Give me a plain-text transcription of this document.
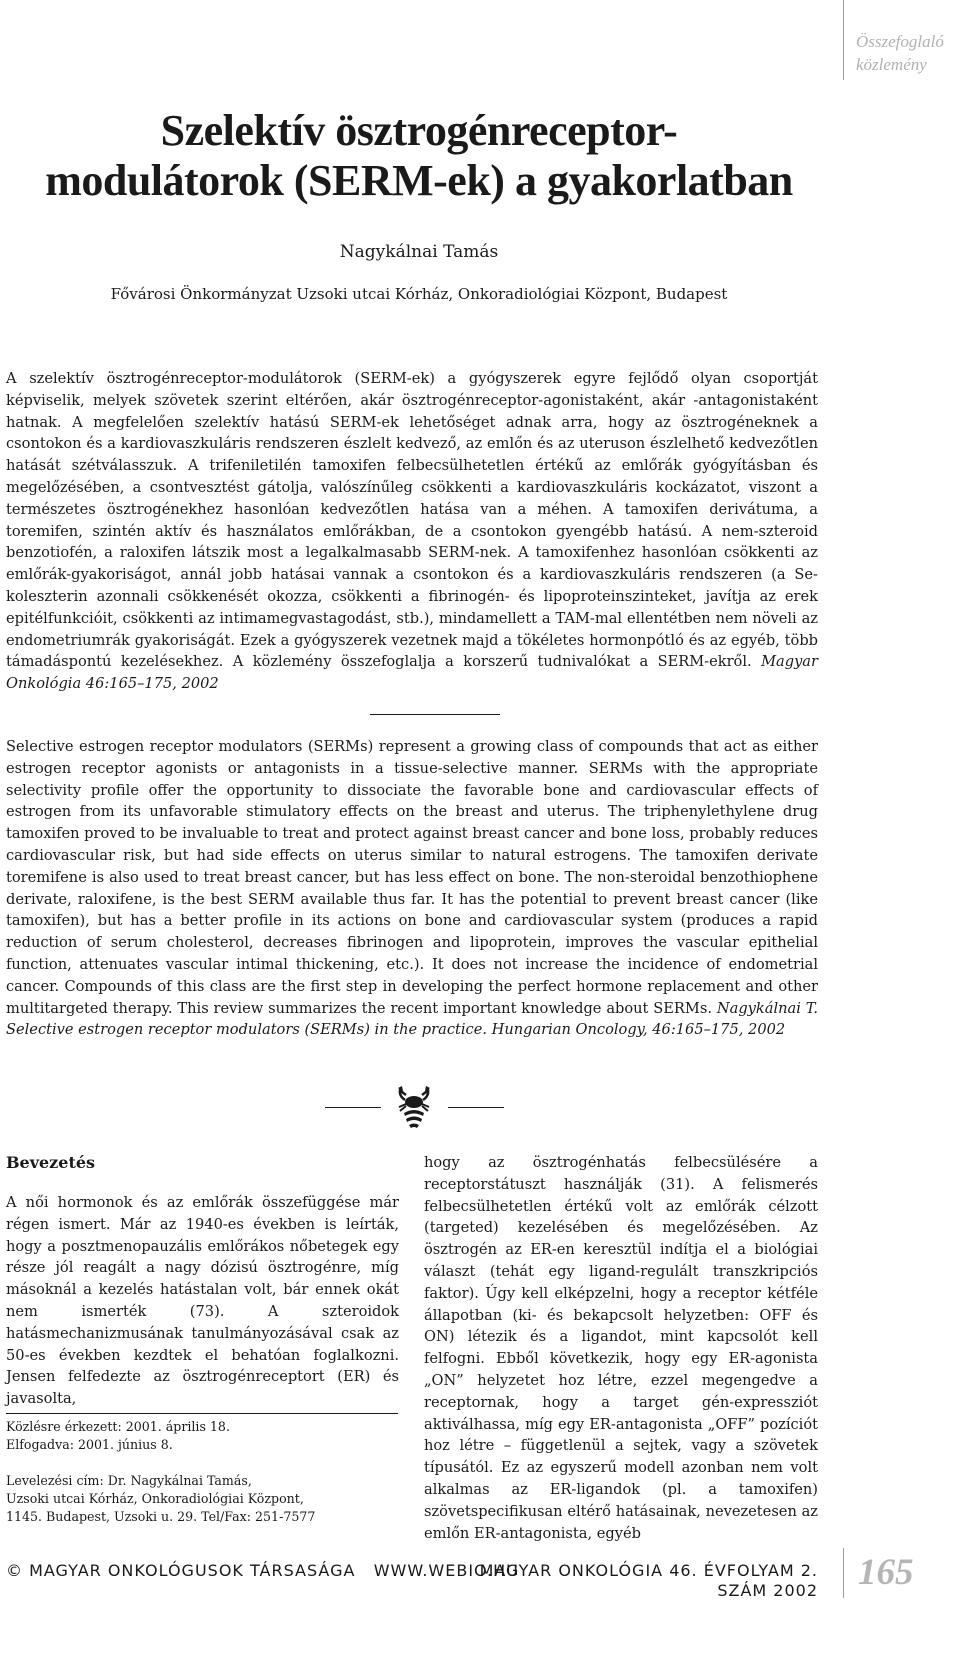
Összefoglaló
közlemény
Szelektív ösztrogénreceptor-
modulátorok (SERM-ek) a gyakorlatban
Nagykálnai Tamás
Fővárosi Önkormányzat Uzsoki utcai Kórház, Onkoradiológiai Központ, Budapest

A szelektív ösztrogénreceptor-modulátorok (SERM-ek) a gyógyszerek egyre fejlődő olyan csoportját képviselik, melyek szövetek szerint eltérően, akár ösztrogénreceptor-agonistaként, akár -antagonistaként hatnak. A megfelelően szelektív hatású SERM-ek lehetőséget adnak arra, hogy az ösztrogéneknek a csontokon és a kardiovaszkuláris rendszeren észlelt kedvező, az emlőn és az uteruson észlelhető kedvezőtlen hatását szétválasszuk. A trifeniletilén tamoxifen felbecsülhetetlen értékű az emlőrák gyógyításban és megelőzésében, a csontvesztést gátolja, valószínűleg csökkenti a kardiovaszkuláris kockázatot, viszont a természetes ösztrogénekhez hasonlóan kedvezőtlen hatása van a méhen. A tamoxifen derivátuma, a toremifen, szintén aktív és használatos emlőrákban, de a csontokon gyengébb hatású. A nem-szteroid benzotiofén, a raloxifen látszik most a legalkalmasabb SERM-nek. A tamoxifenhez hasonlóan csökkenti az emlőrák-gyakoriságot, annál jobb hatásai vannak a csontokon és a kardiovaszkuláris rendszeren (a Se-koleszterin azonnali csökkenését okozza, csökkenti a fibrinogén- és lipoproteinszinteket, javítja az erek epitélfunkcióit, csökkenti az intimamegvastagodást, stb.), mindamellett a TAM-mal ellentétben nem növeli az endometriumrák gyakoriságát. Ezek a gyógyszerek vezetnek majd a tökéletes hormonpótló és az egyéb, több támadáspontú kezelésekhez. A közlemény összefoglalja a korszerű tudnivalókat a SERM-ekről. Magyar Onkológia 46:165–175, 2002

Selective estrogen receptor modulators (SERMs) represent a growing class of compounds that act as either estrogen receptor agonists or antagonists in a tissue-selective manner. SERMs with the appropriate selectivity profile offer the opportunity to dissociate the favorable bone and cardiovascular effects of estrogen from its unfavorable stimulatory effects on the breast and uterus. The triphenylethylene drug tamoxifen proved to be invaluable to treat and protect against breast cancer and bone loss, probably reduces cardiovascular risk, but had side effects on uterus similar to natural estrogens. The tamoxifen derivate toremifene is also used to treat breast cancer, but has less effect on bone. The non-steroidal benzothiophene derivate, raloxifene, is the best SERM available thus far. It has the potential to prevent breast cancer (like tamoxifen), but has a better profile in its actions on bone and cardiovascular system (produces a rapid reduction of serum cholesterol, decreases fibrinogen and lipoprotein, improves the vascular epithelial function, attenuates vascular intimal thickening, etc.). It does not increase the incidence of endometrial cancer. Compounds of this class are the first step in developing the perfect hormone replacement and other multitargeted therapy. This review summarizes the recent important knowledge about SERMs. Nagykálnai T. Selective estrogen receptor modulators (SERMs) in the practice. Hungarian Oncology, 46:165–175, 2002

Bevezetés

A női hormonok és az emlőrák összefüggése már régen ismert. Már az 1940-es években is leírták, hogy a posztmenopauzális emlőrákos nőbetegek egy része jól reagált a nagy dózisú ösztrogénre, míg másoknál a kezelés hatástalan volt, bár ennek okát nem ismerték (73). A szteroidok hatásmechanizmusának tanulmányozásával csak az 50-es években kezdtek el behatóan foglalkozni. Jensen felfedezte az ösztrogénreceptort (ER) és javasolta,

hogy az ösztrogénhatás felbecsülésére a receptorstátuszt használják (31). A felismerés felbecsülhetetlen értékű volt az emlőrák célzott (targeted) kezelésében és megelőzésében. Az ösztrogén az ER-en keresztül indítja el a biológiai választ (tehát egy ligand-regulált transzkripciós faktor). Úgy kell elképzelni, hogy a receptor kétféle állapotban (ki- és bekapcsolt helyzetben: OFF és ON) létezik és a ligandot, mint kapcsolót kell felfogni. Ebből következik, hogy egy ER-agonista „ON” helyzetet hoz létre, ezzel megengedve a receptornak, hogy a target gén-expressziót aktiválhassa, míg egy ER-antagonista „OFF” pozíciót hoz létre – függetlenül a sejtek, vagy a szövetek típusától. Ez az egyszerű modell azonban nem volt alkalmas az ER-ligandok (pl. a tamoxifen) szövetspecifikusan eltérő hatásainak, nevezetesen az emlőn ER-antagonista, egyéb

Közlésre érkezett: 2001. április 18.

Elfogadva: 2001. június 8.

Levelezési cím: Dr. Nagykálnai Tamás,

Uzsoki utcai Kórház, Onkoradiológiai Központ,

1145. Budapest, Uzsoki u. 29. Tel/Fax: 251-7577

© MAGYAR ONKOLÓGUSOK TÁRSASÁGA   WWW.WEBIO.HU
MAGYAR ONKOLÓGIA 46. ÉVFOLYAM 2. SZÁM 2002 165
